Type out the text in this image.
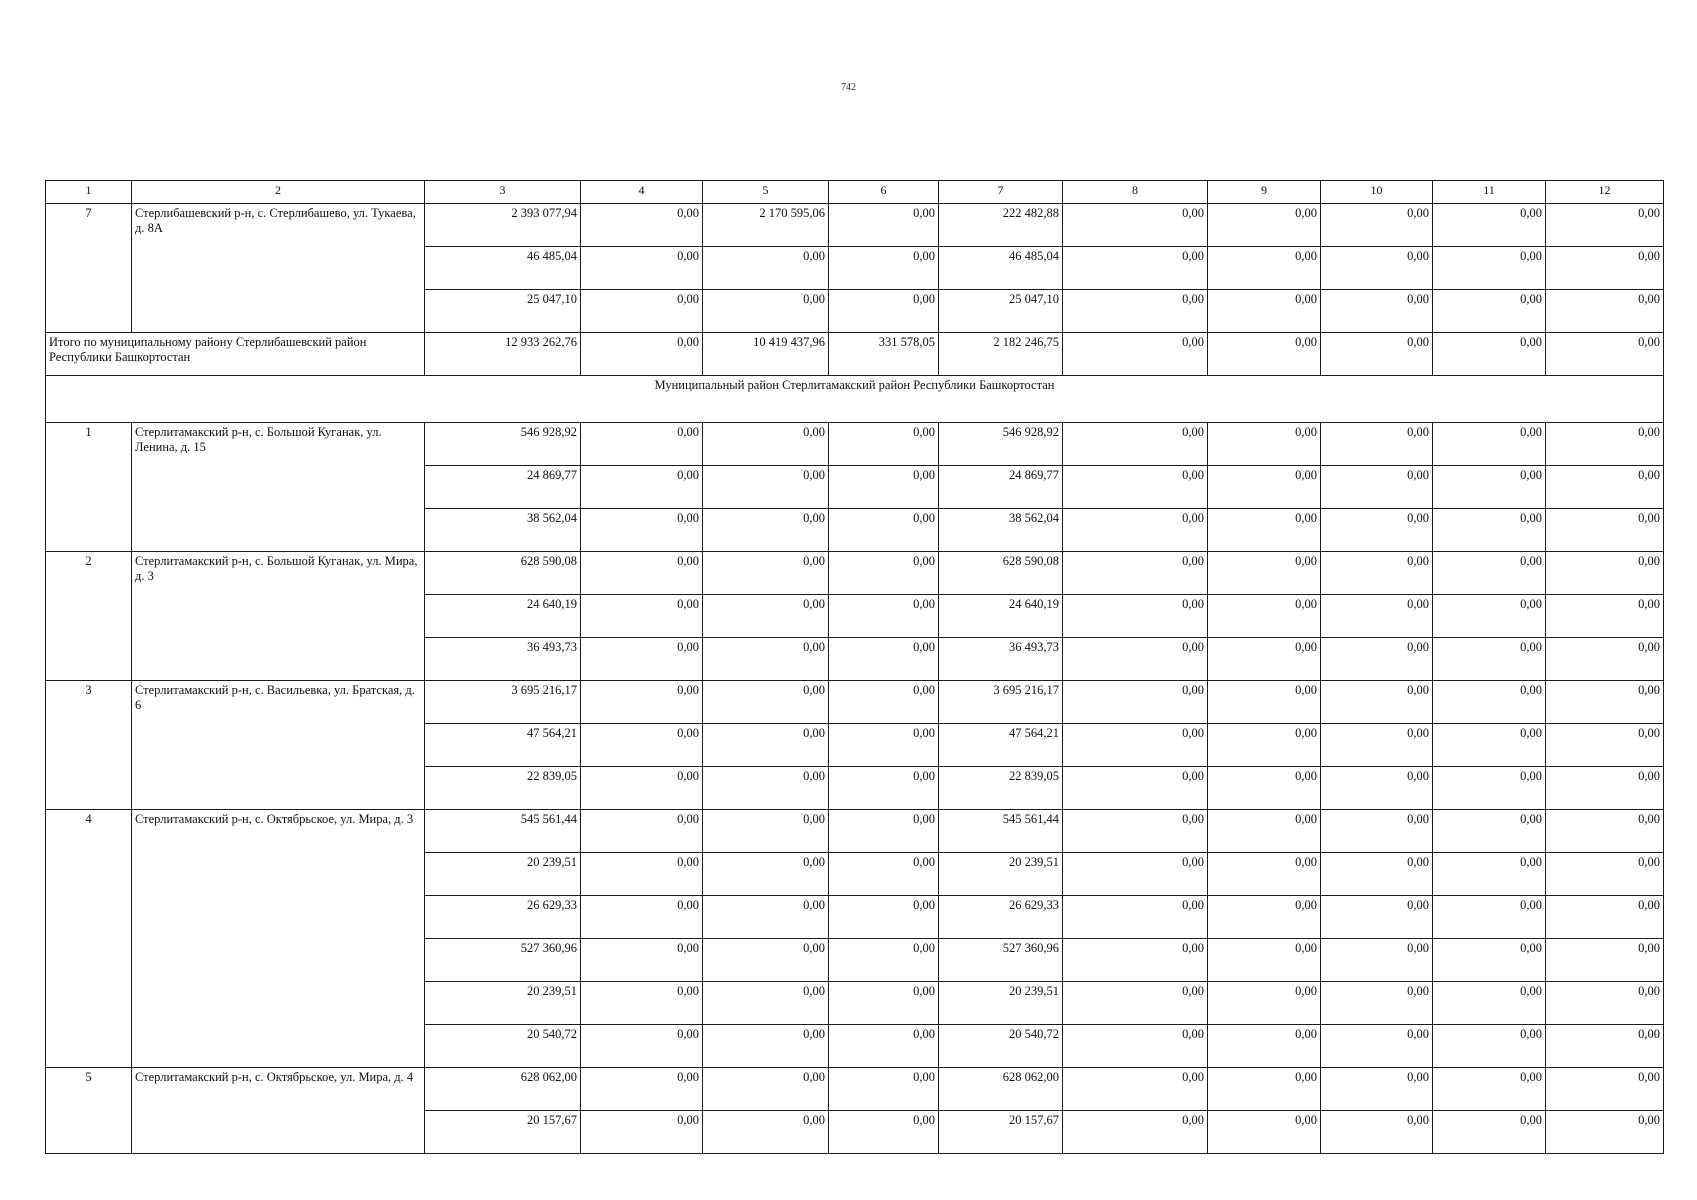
742
1	2	3	4	5	6	7	8	9	10	11	12
7	Стерлибашевский р-н, с. Стерлибашево, ул. Тукаева, д. 8А	2 393 077,94	0,00	2 170 595,06	0,00	222 482,88	0,00	0,00	0,00	0,00	0,00
		46 485,04	0,00	0,00	0,00	46 485,04	0,00	0,00	0,00	0,00	0,00
		25 047,10	0,00	0,00	0,00	25 047,10	0,00	0,00	0,00	0,00	0,00
Итого по муниципальному району Стерлибашевский район Республики Башкортостан		12 933 262,76	0,00	10 419 437,96	331 578,05	2 182 246,75	0,00	0,00	0,00	0,00	0,00
Муниципальный район Стерлитамакский район Республики Башкортостан											
1	Стерлитамакский р-н, с. Большой Куганак, ул. Ленина, д. 15	546 928,92	0,00	0,00	0,00	546 928,92	0,00	0,00	0,00	0,00	0,00
		24 869,77	0,00	0,00	0,00	24 869,77	0,00	0,00	0,00	0,00	0,00
		38 562,04	0,00	0,00	0,00	38 562,04	0,00	0,00	0,00	0,00	0,00
2	Стерлитамакский р-н, с. Большой Куганак, ул. Мира, д. 3	628 590,08	0,00	0,00	0,00	628 590,08	0,00	0,00	0,00	0,00	0,00
		24 640,19	0,00	0,00	0,00	24 640,19	0,00	0,00	0,00	0,00	0,00
		36 493,73	0,00	0,00	0,00	36 493,73	0,00	0,00	0,00	0,00	0,00
3	Стерлитамакский р-н, с. Васильевка, ул. Братская, д. 6	3 695 216,17	0,00	0,00	0,00	3 695 216,17	0,00	0,00	0,00	0,00	0,00
		47 564,21	0,00	0,00	0,00	47 564,21	0,00	0,00	0,00	0,00	0,00
		22 839,05	0,00	0,00	0,00	22 839,05	0,00	0,00	0,00	0,00	0,00
4	Стерлитамакский р-н, с. Октябрьское, ул. Мира, д. 3	545 561,44	0,00	0,00	0,00	545 561,44	0,00	0,00	0,00	0,00	0,00
		20 239,51	0,00	0,00	0,00	20 239,51	0,00	0,00	0,00	0,00	0,00
		26 629,33	0,00	0,00	0,00	26 629,33	0,00	0,00	0,00	0,00	0,00
		527 360,96	0,00	0,00	0,00	527 360,96	0,00	0,00	0,00	0,00	0,00
		20 239,51	0,00	0,00	0,00	20 239,51	0,00	0,00	0,00	0,00	0,00
		20 540,72	0,00	0,00	0,00	20 540,72	0,00	0,00	0,00	0,00	0,00
5	Стерлитамакский р-н, с. Октябрьское, ул. Мира, д. 4	628 062,00	0,00	0,00	0,00	628 062,00	0,00	0,00	0,00	0,00	0,00
		20 157,67	0,00	0,00	0,00	20 157,67	0,00	0,00	0,00	0,00	0,00
